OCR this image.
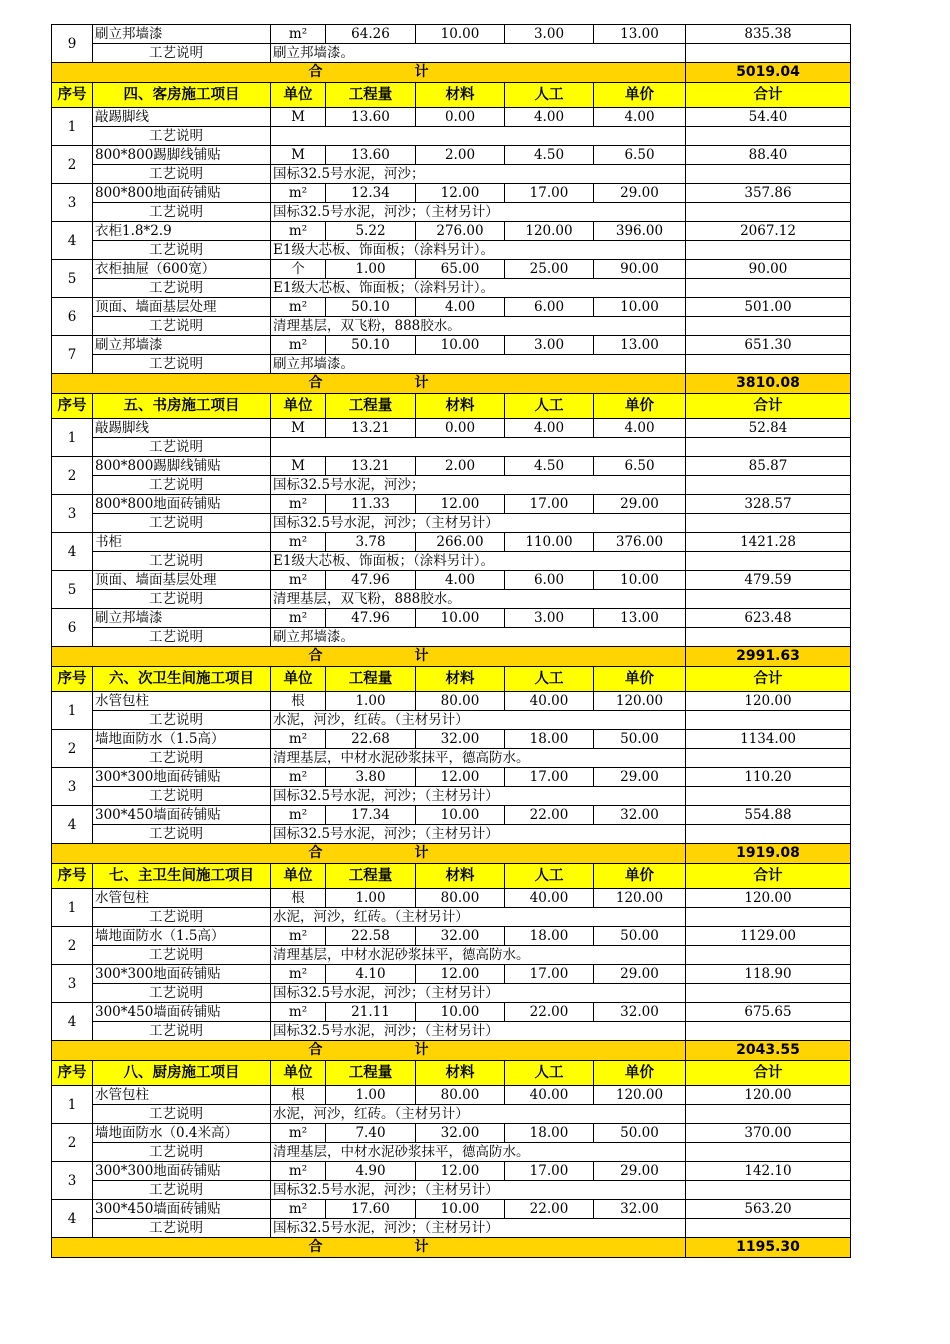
9	刷立邦墙漆	m²	64.26	10.00	3.00	13.00	835.38
	工艺说明	刷立邦墙漆。					
合 计							5019.04
序号	四、客房施工项目	单位	工程量	材料	人工	单价	合计
1	敲踢脚线	M	13.60	0.00	4.00	4.00	54.40
	工艺说明						
2	800*800踢脚线铺贴	M	13.60	2.00	4.50	6.50	88.40
	工艺说明	国标32.5号水泥，河沙；					
3	800*800地面砖铺贴	m²	12.34	12.00	17.00	29.00	357.86
	工艺说明	国标32.5号水泥，河沙；（主材另计）					
4	衣柜1.8*2.9	m²	5.22	276.00	120.00	396.00	2067.12
	工艺说明	E1级大芯板、饰面板；（涂料另计）。					
5	衣柜抽屉（600宽）	个	1.00	65.00	25.00	90.00	90.00
	工艺说明	E1级大芯板、饰面板；（涂料另计）。					
6	顶面、墙面基层处理	m²	50.10	4.00	6.00	10.00	501.00
	工艺说明	清理基层，双飞粉，888胶水。					
7	刷立邦墙漆	m²	50.10	10.00	3.00	13.00	651.30
	工艺说明	刷立邦墙漆。					
合 计							3810.08
序号	五、书房施工项目	单位	工程量	材料	人工	单价	合计
1	敲踢脚线	M	13.21	0.00	4.00	4.00	52.84
	工艺说明						
2	800*800踢脚线铺贴	M	13.21	2.00	4.50	6.50	85.87
	工艺说明	国标32.5号水泥，河沙；					
3	800*800地面砖铺贴	m²	11.33	12.00	17.00	29.00	328.57
	工艺说明	国标32.5号水泥，河沙；（主材另计）					
4	书柜	m²	3.78	266.00	110.00	376.00	1421.28
	工艺说明	E1级大芯板、饰面板；（涂料另计）。					
5	顶面、墙面基层处理	m²	47.96	4.00	6.00	10.00	479.59
	工艺说明	清理基层，双飞粉，888胶水。					
6	刷立邦墙漆	m²	47.96	10.00	3.00	13.00	623.48
	工艺说明	刷立邦墙漆。					
合 计							2991.63
序号	六、次卫生间施工项目	单位	工程量	材料	人工	单价	合计
1	水管包柱	根	1.00	80.00	40.00	120.00	120.00
	工艺说明	水泥，河沙，红砖。（主材另计）					
2	墙地面防水（1.5高）	m²	22.68	32.00	18.00	50.00	1134.00
	工艺说明	清理基层，中材水泥砂浆抹平，德高防水。					
3	300*300地面砖铺贴	m²	3.80	12.00	17.00	29.00	110.20
	工艺说明	国标32.5号水泥，河沙；（主材另计）					
4	300*450墙面砖铺贴	m²	17.34	10.00	22.00	32.00	554.88
	工艺说明	国标32.5号水泥，河沙；（主材另计）					
合 计							1919.08
序号	七、主卫生间施工项目	单位	工程量	材料	人工	单价	合计
1	水管包柱	根	1.00	80.00	40.00	120.00	120.00
	工艺说明	水泥，河沙，红砖。（主材另计）					
2	墙地面防水（1.5高）	m²	22.58	32.00	18.00	50.00	1129.00
	工艺说明	清理基层，中材水泥砂浆抹平，德高防水。					
3	300*300地面砖铺贴	m²	4.10	12.00	17.00	29.00	118.90
	工艺说明	国标32.5号水泥，河沙；（主材另计）					
4	300*450墙面砖铺贴	m²	21.11	10.00	22.00	32.00	675.65
	工艺说明	国标32.5号水泥，河沙；（主材另计）					
合 计							2043.55
序号	八、厨房施工项目	单位	工程量	材料	人工	单价	合计
1	水管包柱	根	1.00	80.00	40.00	120.00	120.00
	工艺说明	水泥，河沙，红砖。（主材另计）					
2	墙地面防水（0.4米高）	m²	7.40	32.00	18.00	50.00	370.00
	工艺说明	清理基层，中材水泥砂浆抹平，德高防水。					
3	300*300地面砖铺贴	m²	4.90	12.00	17.00	29.00	142.10
	工艺说明	国标32.5号水泥，河沙；（主材另计）					
4	300*450墙面砖铺贴	m²	17.60	10.00	22.00	32.00	563.20
	工艺说明	国标32.5号水泥，河沙；（主材另计）					
合 计							1195.30
